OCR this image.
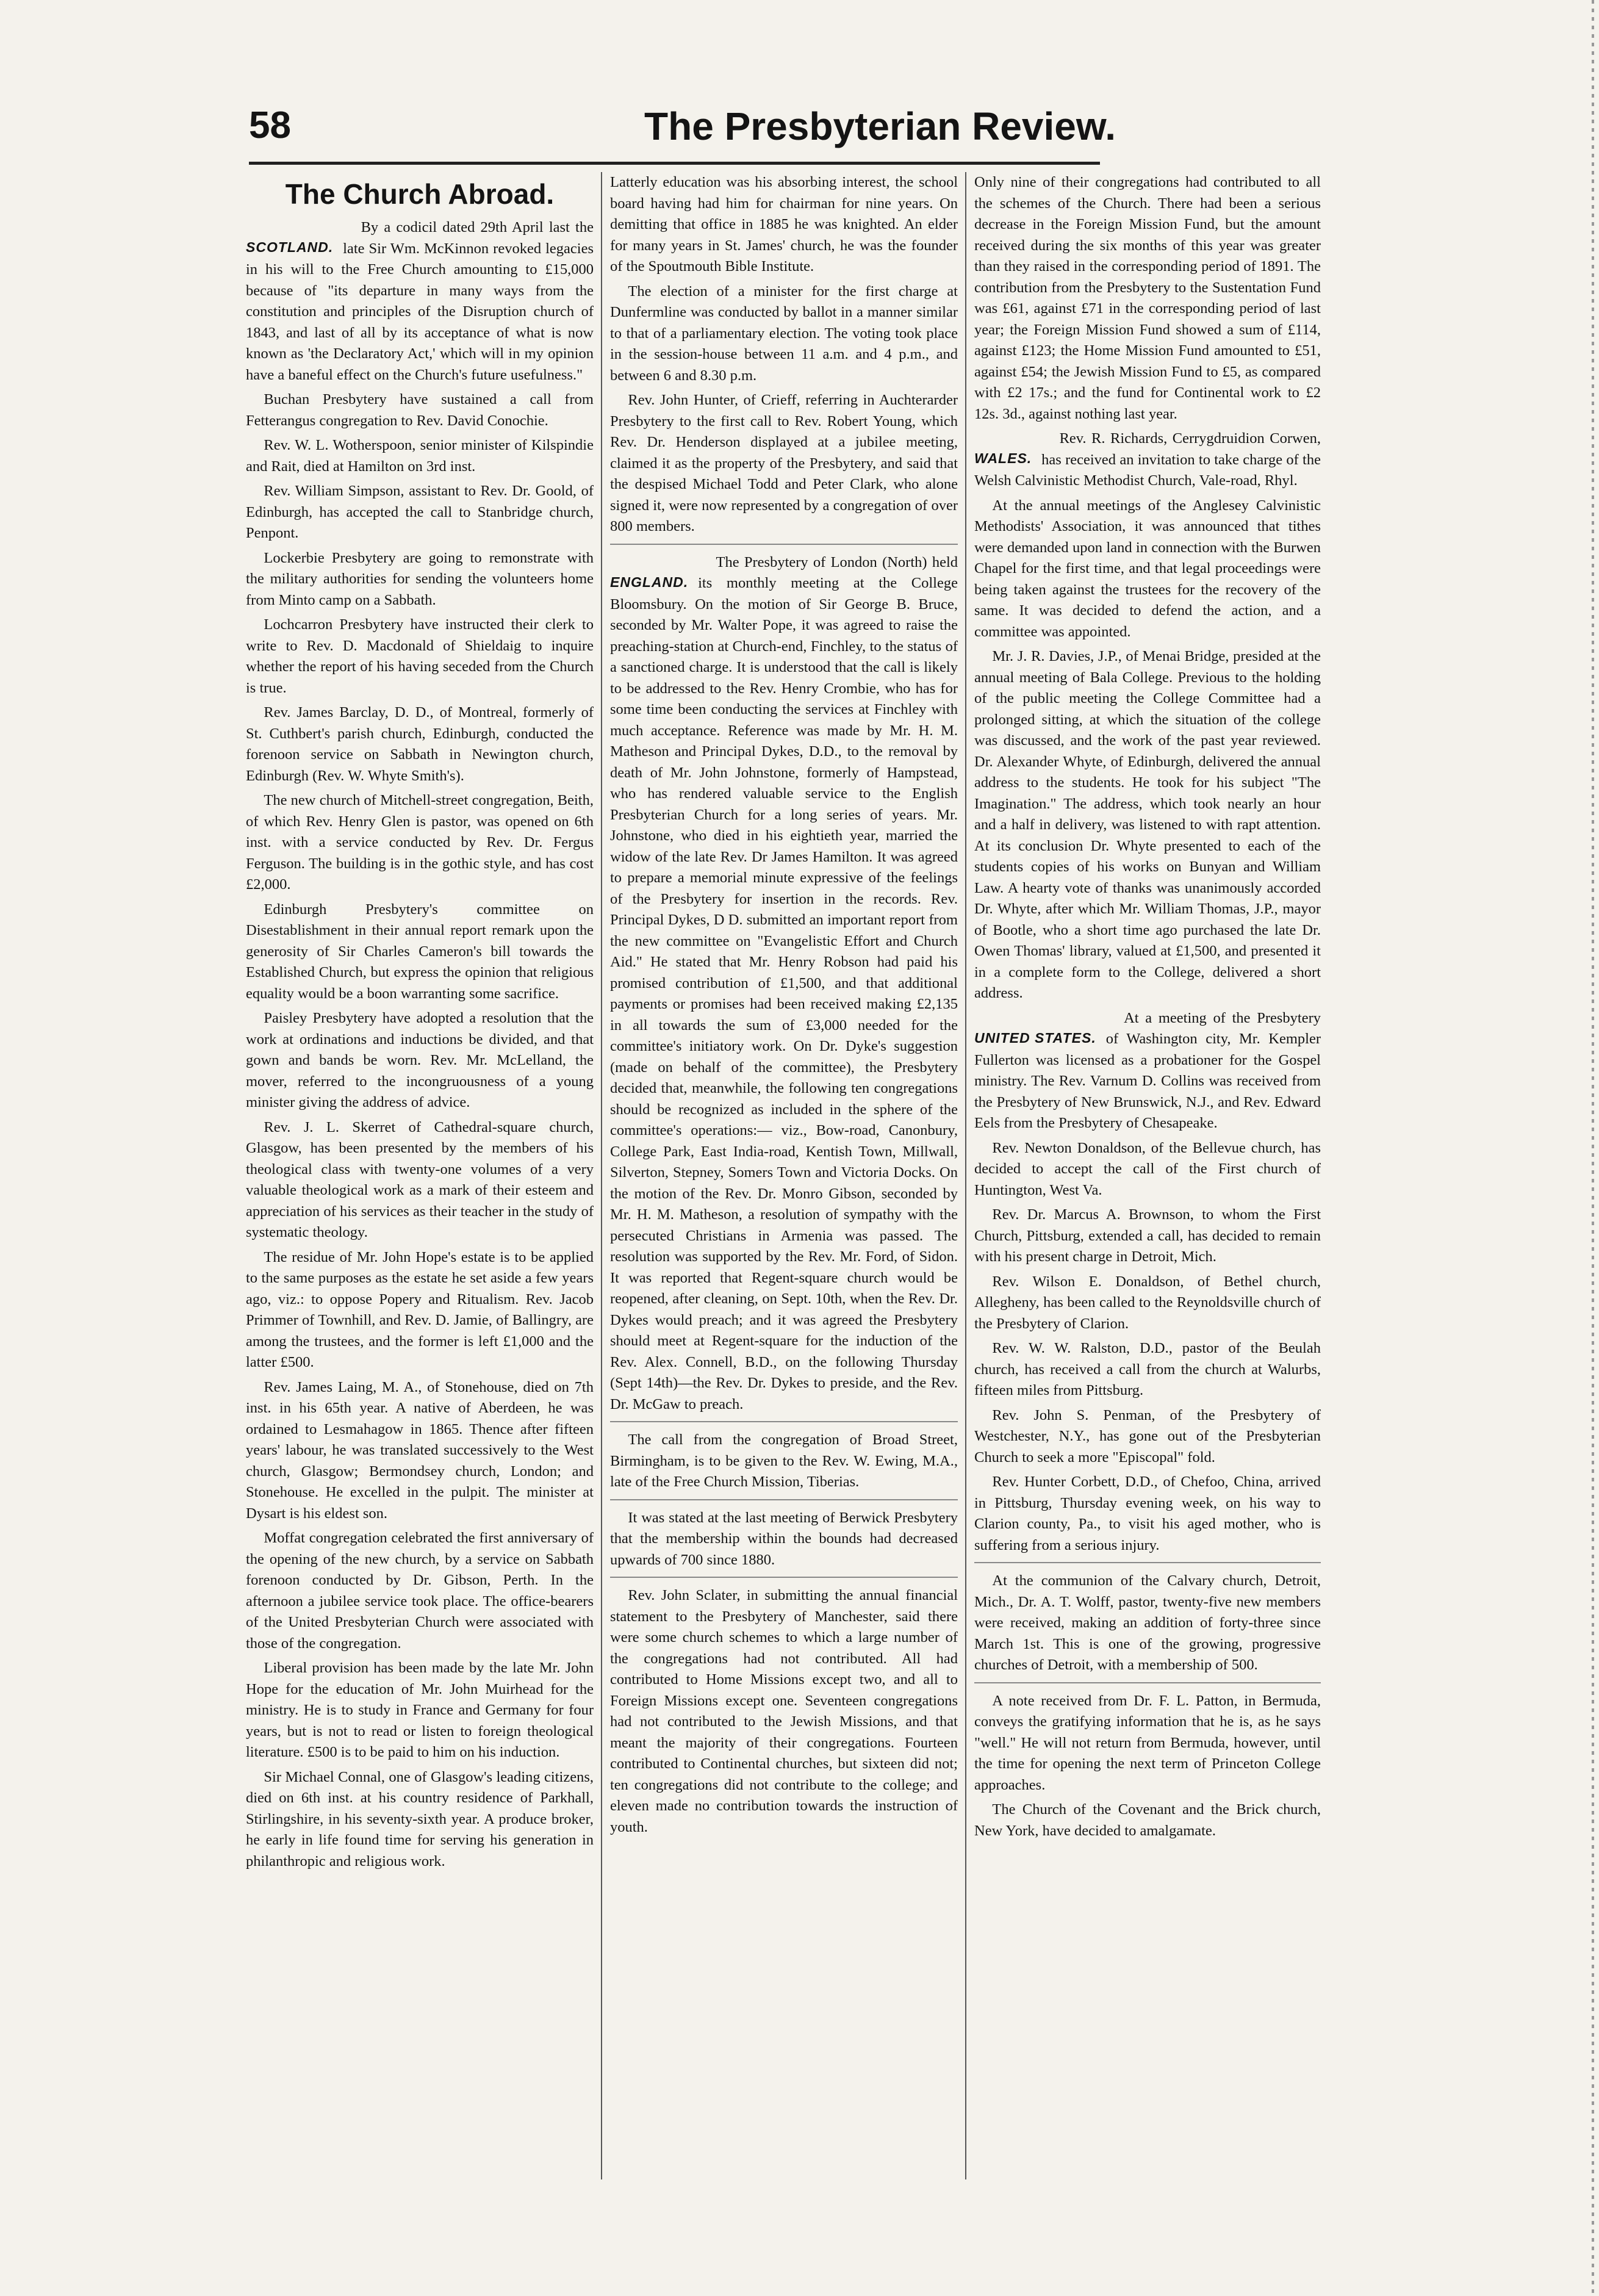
58	The Presbyterian Review.
The Church Abroad.
SCOTLAND.

By a codicil dated 29th April last the late Sir Wm. McKinnon revoked legacies in his will to the Free Church amounting to £15,000 because of "its departure in many ways from the constitution and principles of the Disruption church of 1843, and last of all by its acceptance of what is now known as 'the Declaratory Act,' which will in my opinion have a baneful effect on the Church's future usefulness."

Buchan Presbytery have sustained a call from Fetterangus congregation to Rev. David Conochie.

Rev. W. L. Wotherspoon, senior minister of Kilspindie and Rait, died at Hamilton on 3rd inst.

Rev. William Simpson, assistant to Rev. Dr. Goold, of Edinburgh, has accepted the call to Stanbridge church, Penpont.

Lockerbie Presbytery are going to remonstrate with the military authorities for sending the volunteers home from Minto camp on a Sabbath.

Lochcarron Presbytery have instructed their clerk to write to Rev. D. Macdonald of Shieldaig to inquire whether the report of his having seceded from the Church is true.

Rev. James Barclay, D. D., of Montreal, formerly of St. Cuthbert's parish church, Edinburgh, conducted the forenoon service on Sabbath in Newington church, Edinburgh (Rev. W. Whyte Smith's).

The new church of Mitchell-street congregation, Beith, of which Rev. Henry Glen is pastor, was opened on 6th inst. with a service conducted by Rev. Dr. Fergus Ferguson. The building is in the gothic style, and has cost £2,000.

Edinburgh Presbytery's committee on Disestablishment in their annual report remark upon the generosity of Sir Charles Cameron's bill towards the Established Church, but express the opinion that religious equality would be a boon warranting some sacrifice.

Paisley Presbytery have adopted a resolution that the work at ordinations and inductions be divided, and that gown and bands be worn. Rev. Mr. McLelland, the mover, referred to the incongruousness of a young minister giving the address of advice.

Rev. J. L. Skerret of Cathedral-square church, Glasgow, has been presented by the members of his theological class with twenty-one volumes of a very valuable theological work as a mark of their esteem and appreciation of his services as their teacher in the study of systematic theology.

The residue of Mr. John Hope's estate is to be applied to the same purposes as the estate he set aside a few years ago, viz.: to oppose Popery and Ritualism. Rev. Jacob Primmer of Townhill, and Rev. D. Jamie, of Ballingry, are among the trustees, and the former is left £1,000 and the latter £500.

Rev. James Laing, M. A., of Stonehouse, died on 7th inst. in his 65th year. A native of Aberdeen, he was ordained to Lesmahagow in 1865. Thence after fifteen years' labour, he was translated successively to the West church, Glasgow; Bermondsey church, London; and Stonehouse. He excelled in the pulpit. The minister at Dysart is his eldest son.

Moffat congregation celebrated the first anniversary of the opening of the new church, by a service on Sabbath forenoon conducted by Dr. Gibson, Perth. In the afternoon a jubilee service took place. The office-bearers of the United Presbyterian Church were associated with those of the congregation.

Liberal provision has been made by the late Mr. John Hope for the education of Mr. John Muirhead for the ministry. He is to study in France and Germany for four years, but is not to read or listen to foreign theological literature. £500 is to be paid to him on his induction.

Sir Michael Connal, one of Glasgow's leading citizens, died on 6th inst. at his country residence of Parkhall, Stirlingshire, in his seventy-sixth year. A produce broker, he early in life found time for serving his generation in philanthropic and religious work.

Latterly education was his absorbing interest, the school board having had him for chairman for nine years. On demitting that office in 1885 he was knighted. An elder for many years in St. James' church, he was the founder of the Spoutmouth Bible Institute.

The election of a minister for the first charge at Dunfermline was conducted by ballot in a manner similar to that of a parliamentary election. The voting took place in the session-house between 11 a.m. and 4 p.m., and between 6 and 8.30 p.m.

Rev. John Hunter, of Crieff, referring in Auchterarder Presbytery to the first call to Rev. Robert Young, which Rev. Dr. Henderson displayed at a jubilee meeting, claimed it as the property of the Presbytery, and said that the despised Michael Todd and Peter Clark, who alone signed it, were now represented by a congregation of over 800 members.

ENGLAND.

The Presbytery of London (North) held its monthly meeting at the College Bloomsbury. On the motion of Sir George B. Bruce, seconded by Mr. Walter Pope, it was agreed to raise the preaching-station at Church-end, Finchley, to the status of a sanctioned charge. It is understood that the call is likely to be addressed to the Rev. Henry Crombie, who has for some time been conducting the services at Finchley with much acceptance. Reference was made by Mr. H. M. Matheson and Principal Dykes, D.D., to the removal by death of Mr. John Johnstone, formerly of Hampstead, who has rendered valuable service to the English Presbyterian Church for a long series of years. Mr. Johnstone, who died in his eightieth year, married the widow of the late Rev. Dr James Hamilton. It was agreed to prepare a memorial minute expressive of the feelings of the Presbytery for insertion in the records. Rev. Principal Dykes, D D. submitted an important report from the new committee on "Evangelistic Effort and Church Aid." He stated that Mr. Henry Robson had paid his promised contribution of £1,500, and that additional payments or promises had been received making £2,135 in all towards the sum of £3,000 needed for the committee's initiatory work. On Dr. Dyke's suggestion (made on behalf of the committee), the Presbytery decided that, meanwhile, the following ten congregations should be recognized as included in the sphere of the committee's operations:— viz., Bow-road, Canonbury, College Park, East India-road, Kentish Town, Millwall, Silverton, Stepney, Somers Town and Victoria Docks. On the motion of the Rev. Dr. Monro Gibson, seconded by Mr. H. M. Matheson, a resolution of sympathy with the persecuted Christians in Armenia was passed. The resolution was supported by the Rev. Mr. Ford, of Sidon. It was reported that Regent-square church would be reopened, after cleaning, on Sept. 10th, when the Rev. Dr. Dykes would preach; and it was agreed the Presbytery should meet at Regent-square for the induction of the Rev. Alex. Connell, B.D., on the following Thursday (Sept 14th)—the Rev. Dr. Dykes to preside, and the Rev. Dr. McGaw to preach.

The call from the congregation of Broad Street, Birmingham, is to be given to the Rev. W. Ewing, M.A., late of the Free Church Mission, Tiberias.

It was stated at the last meeting of Berwick Presbytery that the membership within the bounds had decreased upwards of 700 since 1880.

Rev. John Sclater, in submitting the annual financial statement to the Presbytery of Manchester, said there were some church schemes to which a large number of the congregations had not contributed. All had contributed to Home Missions except two, and all to Foreign Missions except one. Seventeen congregations had not contributed to the Jewish Missions, and that meant the majority of their congregations. Fourteen contributed to Continental churches, but sixteen did not; ten congregations did not contribute to the college; and eleven made no contribution towards the instruction of youth.

Only nine of their congregations had contributed to all the schemes of the Church. There had been a serious decrease in the Foreign Mission Fund, but the amount received during the six months of this year was greater than they raised in the corresponding period of 1891. The contribution from the Presbytery to the Sustentation Fund was £61, against £71 in the corresponding period of last year; the Foreign Mission Fund showed a sum of £114, against £123; the Home Mission Fund amounted to £51, against £54; the Jewish Mission Fund to £5, as compared with £2 17s.; and the fund for Continental work to £2 12s. 3d., against nothing last year.

WALES.

Rev. R. Richards, Cerrygdruidion Corwen, has received an invitation to take charge of the Welsh Calvinistic Methodist Church, Vale-road, Rhyl.

At the annual meetings of the Anglesey Calvinistic Methodists' Association, it was announced that tithes were demanded upon land in connection with the Burwen Chapel for the first time, and that legal proceedings were being taken against the trustees for the recovery of the same. It was decided to defend the action, and a committee was appointed.

Mr. J. R. Davies, J.P., of Menai Bridge, presided at the annual meeting of Bala College. Previous to the holding of the public meeting the College Committee had a prolonged sitting, at which the situation of the college was discussed, and the work of the past year reviewed. Dr. Alexander Whyte, of Edinburgh, delivered the annual address to the students. He took for his subject "The Imagination." The address, which took nearly an hour and a half in delivery, was listened to with rapt attention. At its conclusion Dr. Whyte presented to each of the students copies of his works on Bunyan and William Law. A hearty vote of thanks was unanimously accorded Dr. Whyte, after which Mr. William Thomas, J.P., mayor of Bootle, who a short time ago purchased the late Dr. Owen Thomas' library, valued at £1,500, and presented it in a complete form to the College, delivered a short address.

UNITED STATES.

At a meeting of the Presbytery of Washington city, Mr. Kempler Fullerton was licensed as a probationer for the Gospel ministry. The Rev. Varnum D. Collins was received from the Presbytery of New Brunswick, N.J., and Rev. Edward Eels from the Presbytery of Chesapeake.

Rev. Newton Donaldson, of the Bellevue church, has decided to accept the call of the First church of Huntington, West Va.

Rev. Dr. Marcus A. Brownson, to whom the First Church, Pittsburg, extended a call, has decided to remain with his present charge in Detroit, Mich.

Rev. Wilson E. Donaldson, of Bethel church, Allegheny, has been called to the Reynoldsville church of the Presbytery of Clarion.

Rev. W. W. Ralston, D.D., pastor of the Beulah church, has received a call from the church at Walurbs, fifteen miles from Pittsburg.

Rev. John S. Penman, of the Presbytery of Westchester, N.Y., has gone out of the Presbyterian Church to seek a more "Episcopal" fold.

Rev. Hunter Corbett, D.D., of Chefoo, China, arrived in Pittsburg, Thursday evening week, on his way to Clarion county, Pa., to visit his aged mother, who is suffering from a serious injury.

At the communion of the Calvary church, Detroit, Mich., Dr. A. T. Wolff, pastor, twenty-five new members were received, making an addition of forty-three since March 1st. This is one of the growing, progressive churches of Detroit, with a membership of 500.

A note received from Dr. F. L. Patton, in Bermuda, conveys the gratifying information that he is, as he says "well." He will not return from Bermuda, however, until the time for opening the next term of Princeton College approaches.

The Church of the Covenant and the Brick church, New York, have decided to amalgamate.
